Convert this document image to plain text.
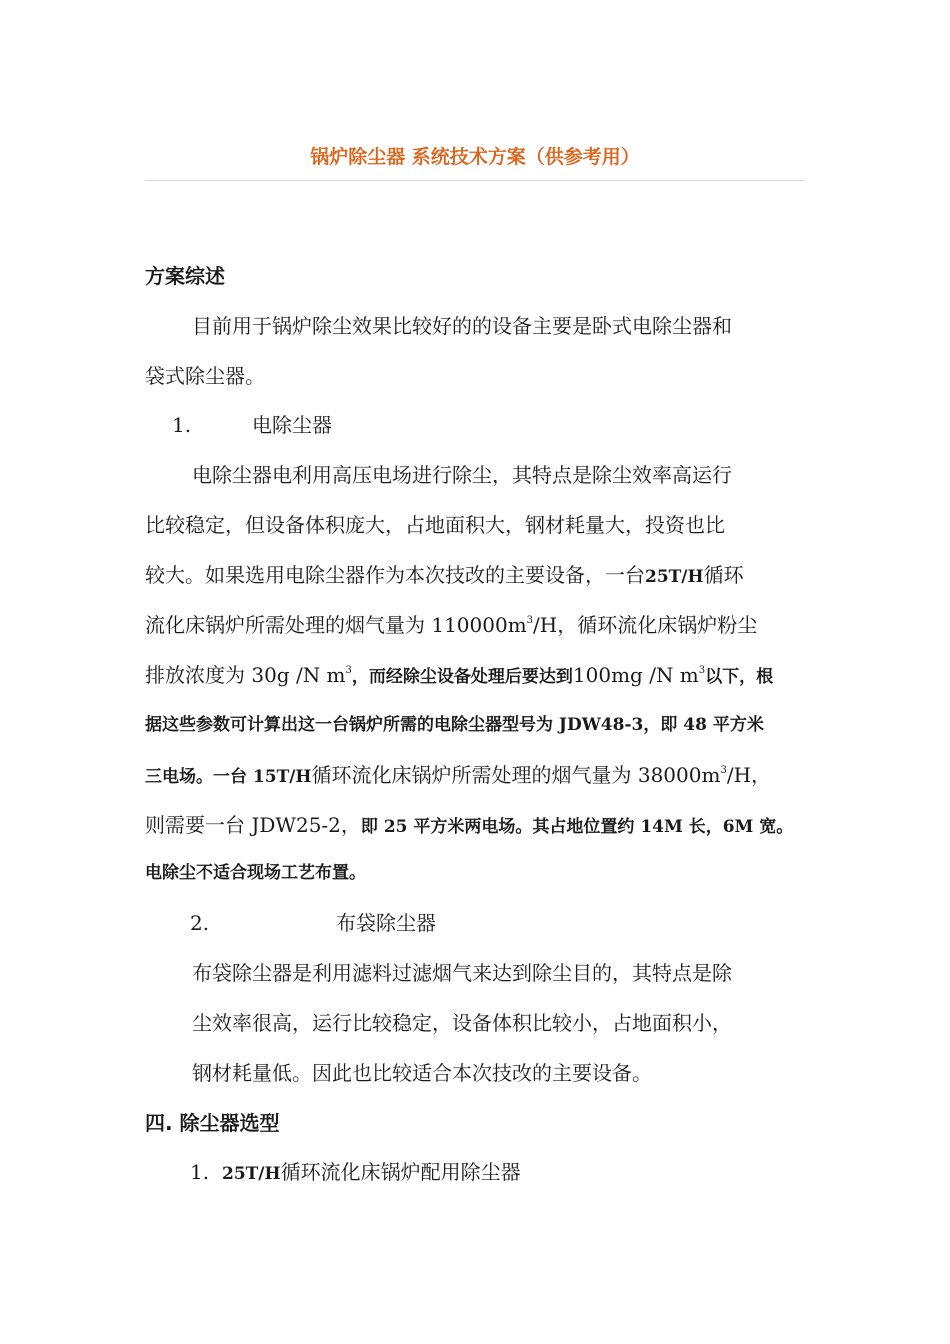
锅炉除尘器 系统技术方案（供参考用）
方案综述
目前用于锅炉除尘效果比较好的的设备主要是卧式电除尘器和
袋式除尘器。
1.	电除尘器
电除尘器电利用高压电场进行除尘，其特点是除尘效率高运行
比较稳定，但设备体积庞大，占地面积大，钢材耗量大，投资也比
较大。如果选用电除尘器作为本次技改的主要设备，一台25T/H循环
流化床锅炉所需处理的烟气量为 $110000m^3/H$，循环流化床锅炉粉尘
排放浓度为 30g /N $m^3$，而经除尘设备处理后要达到100mg /N $m^3$以下，根
据这些参数可计算出这一台锅炉所需的电除尘器型号为 JDW48-3，即 48 平方米
三电场。一台 15T/H循环流化床锅炉所需处理的烟气量为 $38000m^3/H$，
则需要一台 JDW25-2，即 25 平方米两电场。其占地位置约 14M 长，6M 宽。
电除尘不适合现场工艺布置。
2.	布袋除尘器
布袋除尘器是利用滤料过滤烟气来达到除尘目的，其特点是除
尘效率很高，运行比较稳定，设备体积比较小，占地面积小，
钢材耗量低。因此也比较适合本次技改的主要设备。
四. 除尘器选型
1. 25T/H循环流化床锅炉配用除尘器
